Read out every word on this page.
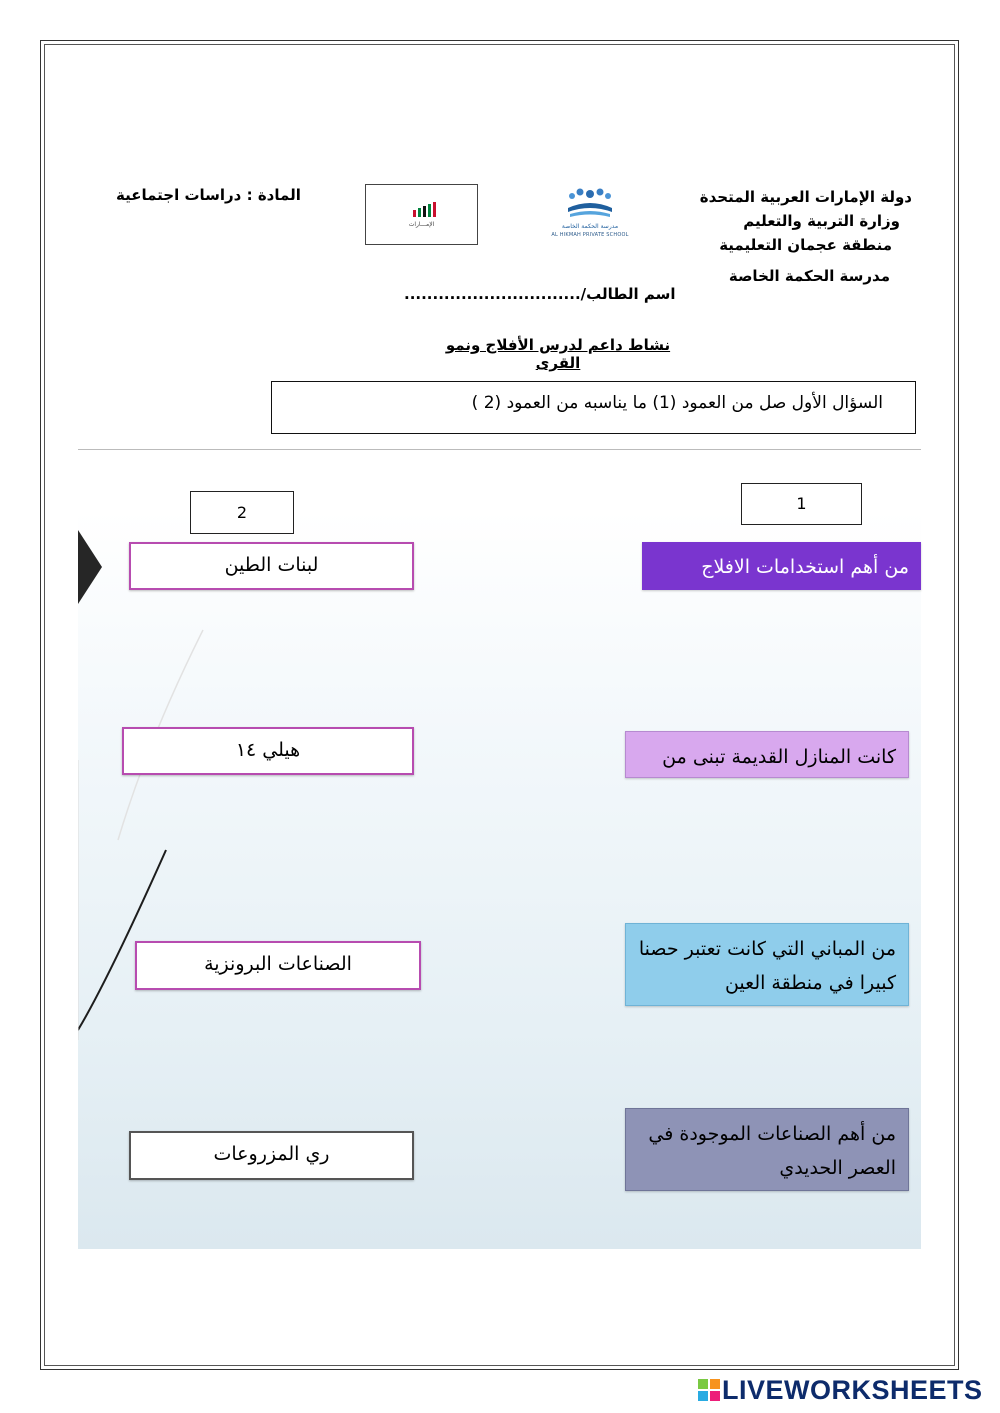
المادة : دراسات اجتماعية	دولة الإمارات العربية المتحدة
وزارة التربية والتعليم
منطقة عجمان التعليمية
مدرسة الحكمة الخاصة
اسم الطالب/...............................
الإمـــارات	مدرسة الحكمة الخاصة
AL HIKMAH PRIVATE SCHOOL
نشاط داعم لدرس الأفلاج ونمو القرى
السؤال الأول صل من العمود (1) ما يناسبه من العمود (2 )
2	1
من أهم استخدامات الافلاج
كانت المنازل القديمة تبنى من
من المباني التي كانت تعتبر حصنا كبيرا في منطقة العين
من أهم الصناعات الموجودة في العصر الحديدي
لبنات الطين
هيلي ١٤
الصناعات البرونزية
ري المزروعات
LIVEWORKSHEETS
